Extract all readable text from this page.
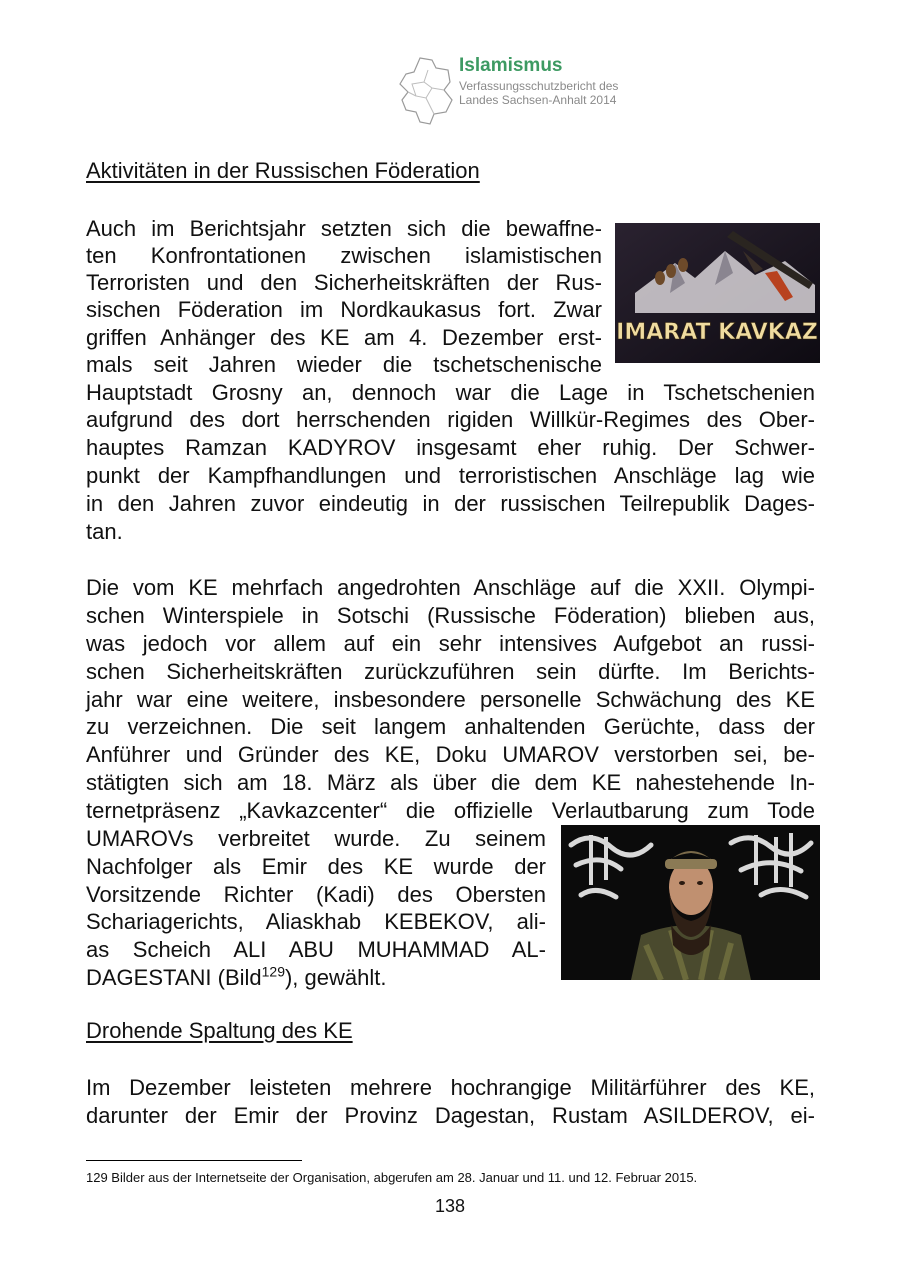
Islamismus
Verfassungsschutzbericht des
Landes Sachsen-Anhalt 2014
Aktivitäten in der Russischen Föderation
Auch im Berichtsjahr setzten sich die bewaffne-
ten Konfrontationen zwischen islamistischen
Terroristen und den Sicherheitskräften der Rus-
sischen Föderation im Nordkaukasus fort. Zwar
griffen Anhänger des KE am 4. Dezember erst-
mals seit Jahren wieder die tschetschenische
Hauptstadt Grosny an, dennoch war die Lage in Tschetschenien
aufgrund des dort herrschenden rigiden Willkür-Regimes des Ober-
hauptes Ramzan KADYROV insgesamt eher ruhig. Der Schwer-
punkt der Kampfhandlungen und terroristischen Anschläge lag wie
in den Jahren zuvor eindeutig in der russischen Teilrepublik Dages-
tan.
IMARAT KAVKAZ
Die vom KE mehrfach angedrohten Anschläge auf die XXII. Olympi-
schen Winterspiele in Sotschi (Russische Föderation) blieben aus,
was jedoch vor allem auf ein sehr intensives Aufgebot an russi-
schen Sicherheitskräften zurückzuführen sein dürfte. Im Berichts-
jahr war eine weitere, insbesondere personelle Schwächung des KE
zu verzeichnen. Die seit langem anhaltenden Gerüchte, dass der
Anführer und Gründer des KE, Doku UMAROV verstorben sei, be-
stätigten sich am 18. März als über die dem KE nahestehende In-
ternetpräsenz „Kavkazcenter“ die offizielle Verlautbarung zum Tode
UMAROVs verbreitet wurde. Zu seinem
Nachfolger als Emir des KE wurde der
Vorsitzende Richter (Kadi) des Obersten
Schariagerichts, Aliaskhab KEBEKOV, ali-
as Scheich ALI ABU MUHAMMAD AL-
DAGESTANI (Bild$^{129}$), gewählt.
Drohende Spaltung des KE
Im Dezember leisteten mehrere hochrangige Militärführer des KE,
darunter der Emir der Provinz Dagestan, Rustam ASILDEROV, ei-
129 Bilder aus der Internetseite der Organisation, abgerufen am 28. Januar und 11. und 12. Februar 2015.
138
